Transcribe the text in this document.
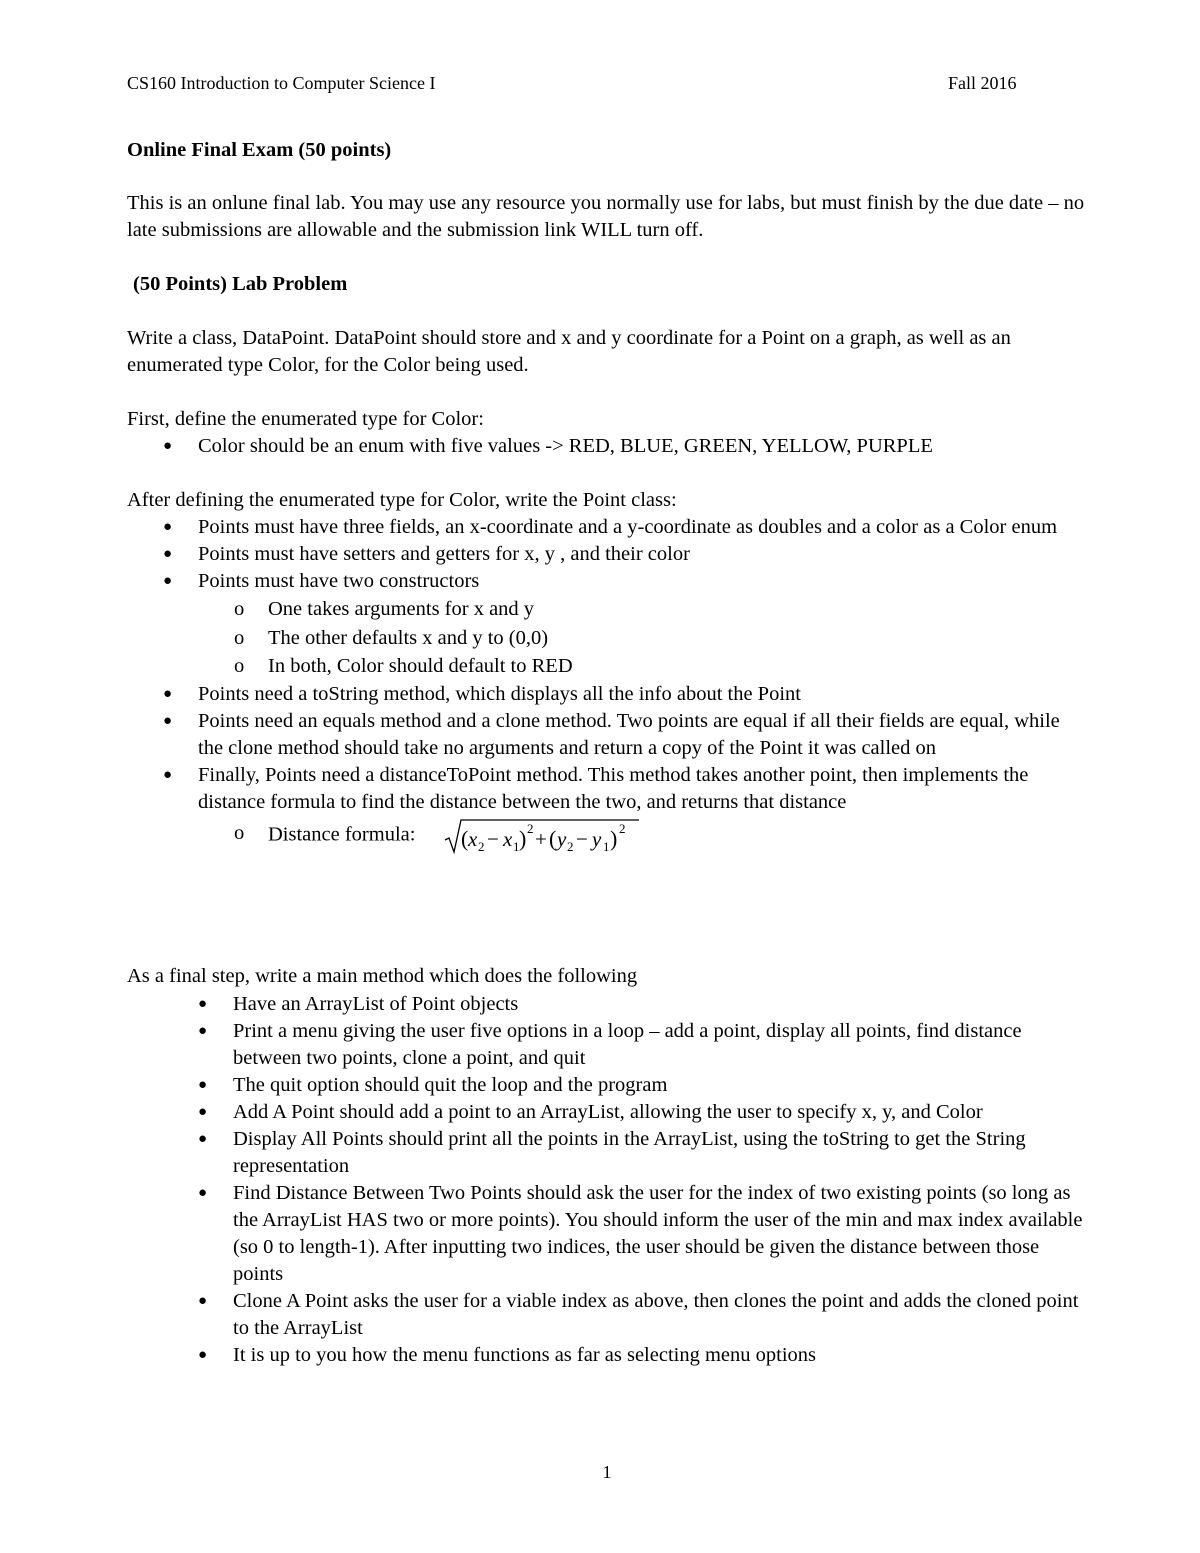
CS160 Introduction to Computer Science I	Fall 2016
Online Final Exam (50 points)

This is an onlune final lab. You may use any resource you normally use for labs, but must finish by the due date – no late submissions are allowable and the submission link WILL turn off.

(50 Points) Lab Problem

Write a class, DataPoint. DataPoint should store and x and y coordinate for a Point on a graph, as well as an enumerated type Color, for the Color being used.

First, define the enumerated type for Color:

● Color should be an enum with five values -> RED, BLUE, GREEN, YELLOW, PURPLE

After defining the enumerated type for Color, write the Point class:

● Points must have three fields, an x-coordinate and a y-coordinate as doubles and a color as a Color enum
● Points must have setters and getters for x, y , and their color
● Points must have two constructors
o One takes arguments for x and y
o The other defaults x and y to (0,0)
o In both, Color should default to RED
● Points need a toString method, which displays all the info about the Point
● Points need an equals method and a clone method. Two points are equal if all their fields are equal, while the clone method should take no arguments and return a copy of the Point it was called on
● Finally, Points need a distanceToPoint method. This method takes another point, then implements the distance formula to find the distance between the two, and returns that distance
o Distance formula: ( x 2 − x 1 ) 2 + ( y 2 − y 1 ) 2

As a final step, write a main method which does the following

● Have an ArrayList of Point objects
● Print a menu giving the user five options in a loop – add a point, display all points, find distance between two points, clone a point, and quit
● The quit option should quit the loop and the program
● Add A Point should add a point to an ArrayList, allowing the user to specify x, y, and Color
● Display All Points should print all the points in the ArrayList, using the toString to get the String representation
● Find Distance Between Two Points should ask the user for the index of two existing points (so long as the ArrayList HAS two or more points). You should inform the user of the min and max index available (so 0 to length-1). After inputting two indices, the user should be given the distance between those points
● Clone A Point asks the user for a viable index as above, then clones the point and adds the cloned point to the ArrayList
● It is up to you how the menu functions as far as selecting menu options
1
